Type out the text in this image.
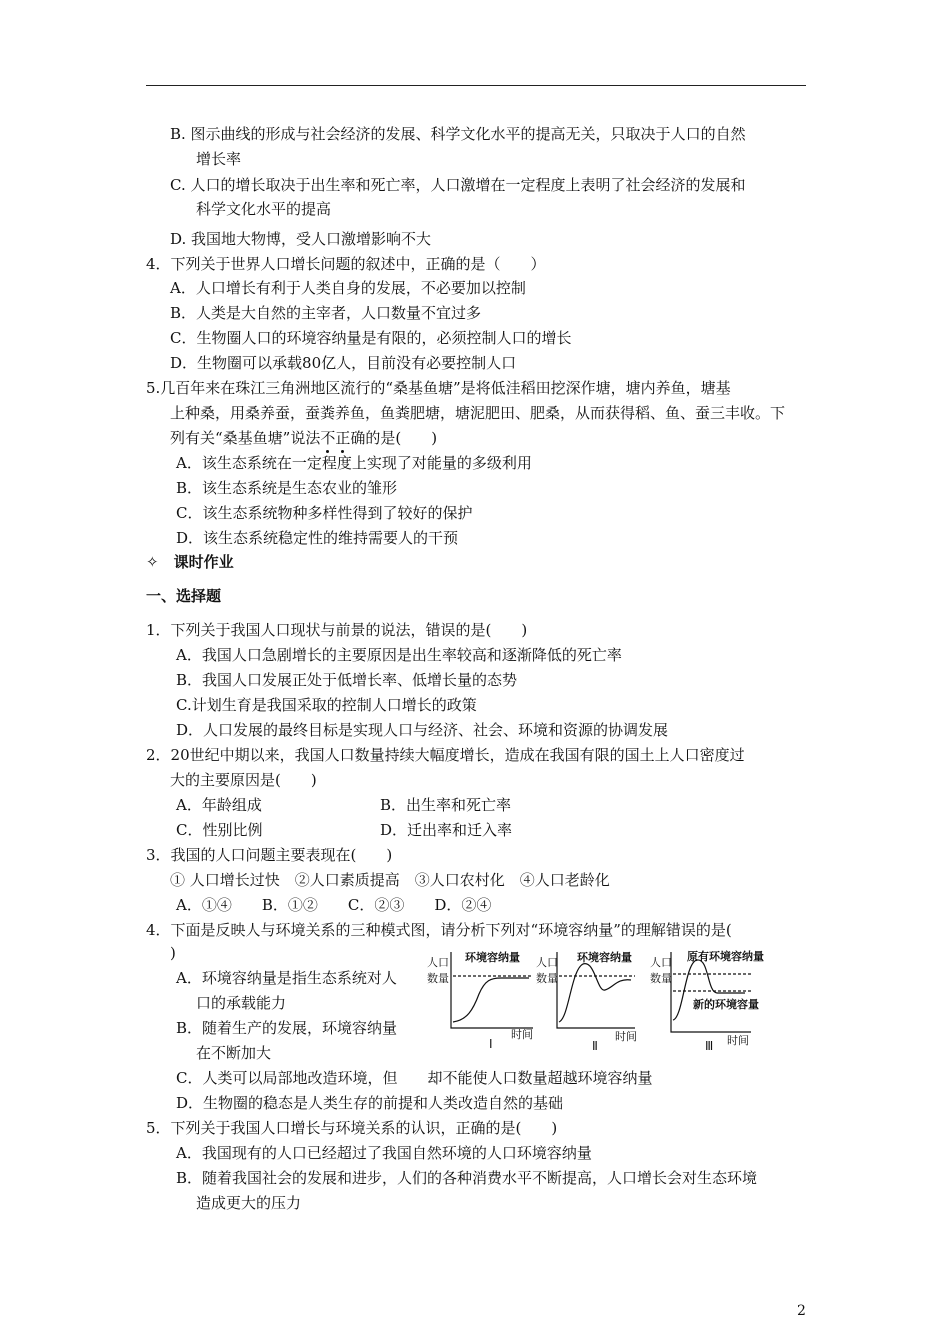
B. 图示曲线的形成与社会经济的发展、科学文化水平的提高无关，只取决于人口的自然
增长率
C. 人口的增长取决于出生率和死亡率，人口激增在一定程度上表明了社会经济的发展和
科学文化水平的提高
D. 我国地大物博，受人口激增影响不大
4．下列关于世界人口增长问题的叙述中，正确的是（　　）
A．人口增长有利于人类自身的发展，不必要加以控制
B．人类是大自然的主宰者，人口数量不宜过多
C．生物圈人口的环境容纳量是有限的，必须控制人口的增长
D．生物圈可以承载80亿人，目前没有必要控制人口
5.几百年来在珠江三角洲地区流行的“桑基鱼塘”是将低洼稻田挖深作塘，塘内养鱼，塘基
上种桑，用桑养蚕，蚕粪养鱼，鱼粪肥塘，塘泥肥田、肥桑，从而获得稻、鱼、蚕三丰收。下
A．该生态系统在一定程度上实现了对能量的多级利用
B．该生态系统是生态农业的雏形
C．该生态系统物种多样性得到了较好的保护
D．该生态系统稳定性的维持需要人的干预
✧　课时作业
一、选择题
1．下列关于我国人口现状与前景的说法，错误的是(　　)
A．我国人口急剧增长的主要原因是出生率较高和逐渐降低的死亡率
B．我国人口发展正处于低增长率、低增长量的态势
C.计划生育是我国采取的控制人口增长的政策
D．人口发展的最终目标是实现人口与经济、社会、环境和资源的协调发展
2．20世纪中期以来，我国人口数量持续大幅度增长，造成在我国有限的国土上人口密度过
大的主要原因是(　　)
A．年龄组成	B．出生率和死亡率
C．性别比例	D．迁出率和迁入率
3．我国的人口问题主要表现在(　　)
① 人口增长过快　②人口素质提高　③人口农村化　④人口老龄化
A．①④　　B．①②　　C．②③　　D．②④
4．下面是反映人与环境关系的三种模式图，请分析下列对“环境容纳量”的理解错误的是(
)
A．环境容纳量是指生态系统对人
口的承载能力
B．随着生产的发展，环境容纳量
在不断加大
C．人类可以局部地改造环境，但　　却不能使人口数量超越环境容纳量
D．生物圈的稳态是人类生存的前提和人类改造自然的基础
5．下列关于我国人口增长与环境关系的认识，正确的是(　　)
A．我国现有的人口已经超过了我国自然环境的人口环境容纳量
B．随着我国社会的发展和进步，人们的各种消费水平不断提高，人口增长会对生态环境
造成更大的压力
列有关“桑基鱼塘”说法不正确的是(　　)
人口
数量
环境容纳量
时间
Ⅰ
人口
数量
环境容纳量
时间
Ⅱ
人口
数量
原有环境容纳量
新的环境容量
时间
Ⅲ
2
